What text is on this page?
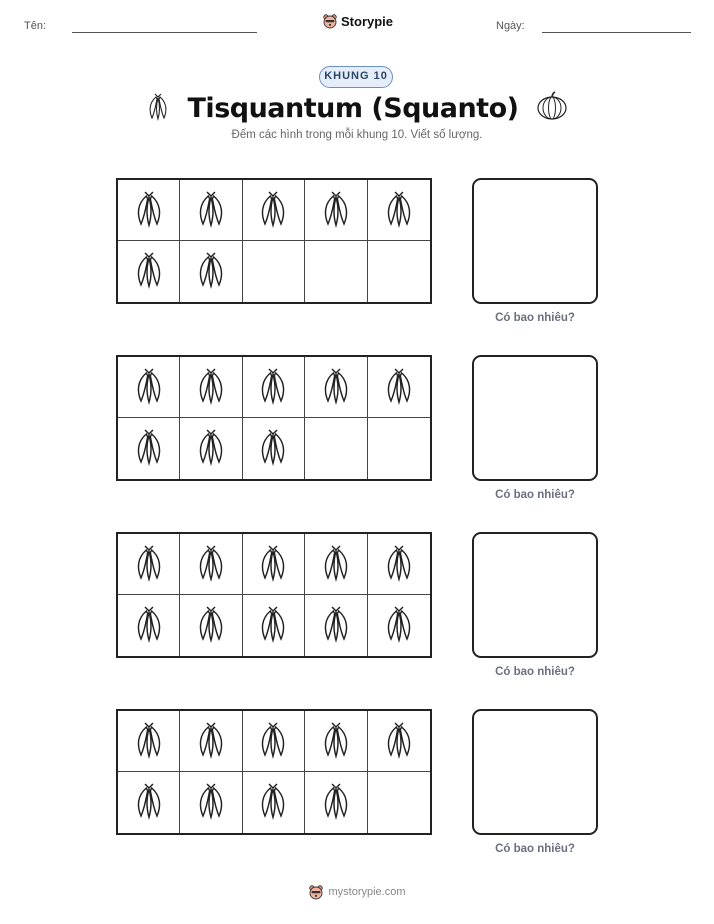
Tên:	Storypie	Ngày:
KHUNG 10
Tisquantum (Squanto)
Đếm các hình trong mỗi khung 10. Viết số lượng.
Có bao nhiêu?
Có bao nhiêu?
Có bao nhiêu?
Có bao nhiêu?
mystorypie.com
